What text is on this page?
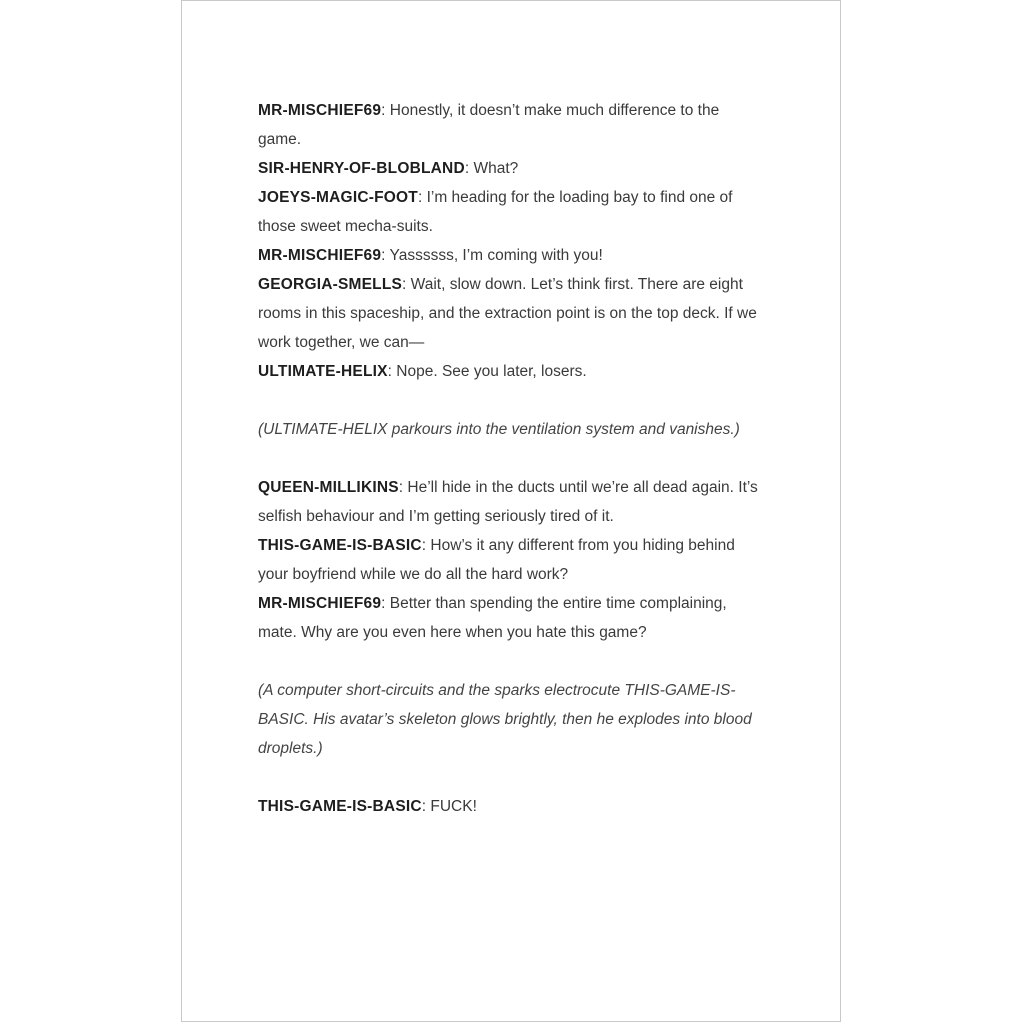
MR-MISCHIEF69: Honestly, it doesn’t make much difference to the game.

SIR-HENRY-OF-BLOBLAND: What?

JOEYS-MAGIC-FOOT: I’m heading for the loading bay to find one of those sweet mecha-suits.

MR-MISCHIEF69: Yassssss, I’m coming with you!

GEORGIA-SMELLS: Wait, slow down. Let’s think first. There are eight rooms in this spaceship, and the extraction point is on the top deck. If we work together, we can—

ULTIMATE-HELIX: Nope. See you later, losers.

(ULTIMATE-HELIX parkours into the ventilation system and vanishes.)

QUEEN-MILLIKINS: He’ll hide in the ducts until we’re all dead again. It’s selfish behaviour and I’m getting seriously tired of it.

THIS-GAME-IS-BASIC: How’s it any different from you hiding behind your boyfriend while we do all the hard work?

MR-MISCHIEF69: Better than spending the entire time complaining, mate. Why are you even here when you hate this game?

(A computer short-circuits and the sparks electrocute THIS-GAME-IS-BASIC. His avatar’s skeleton glows brightly, then he explodes into blood droplets.)

THIS-GAME-IS-BASIC: FUCK!
